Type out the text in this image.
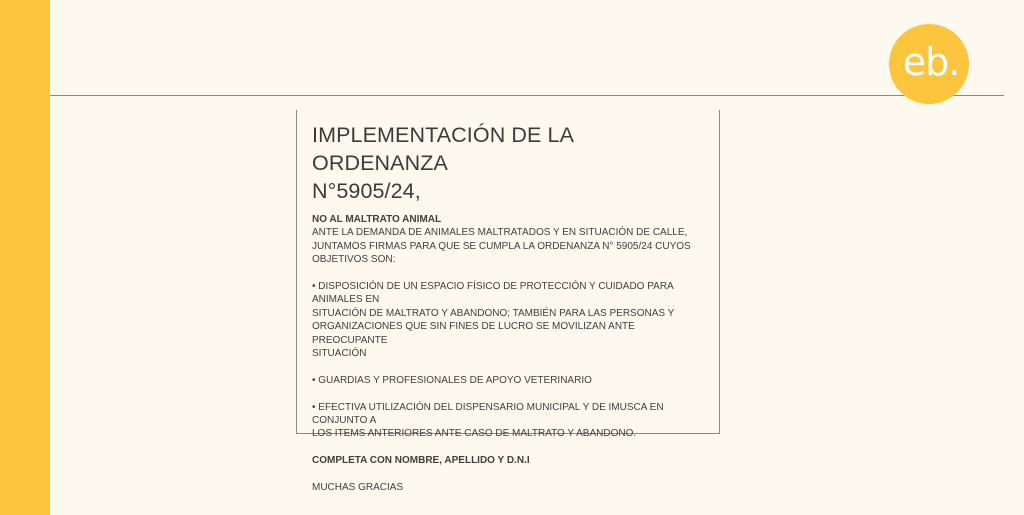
eb.
IMPLEMENTACIÓN DE LA ORDENANZA
N°5905/24,
NO AL MALTRATO ANIMAL
ANTE LA DEMANDA DE ANIMALES MALTRATADOS Y EN SITUACIÓN DE CALLE,
JUNTAMOS FIRMAS PARA QUE SE CUMPLA LA ORDENANZA N° 5905/24 CUYOS
OBJETIVOS SON:
• DISPOSICIÓN DE UN ESPACIO FÍSICO DE PROTECCIÓN Y CUIDADO PARA ANIMALES EN
SITUACIÓN DE MALTRATO Y ABANDONO; TAMBIÉN PARA LAS PERSONAS Y
ORGANIZACIONES QUE SIN FINES DE LUCRO SE MOVILIZAN ANTE PREOCUPANTE
SITUACIÓN
• GUARDIAS Y PROFESIONALES DE APOYO VETERINARIO
• EFECTIVA UTILIZACIÓN DEL DISPENSARIO MUNICIPAL Y DE IMUSCA EN CONJUNTO A
LOS ITEMS ANTERIORES ANTE CASO DE MALTRATO Y ABANDONO.
COMPLETA CON NOMBRE, APELLIDO Y D.N.I
MUCHAS GRACIAS
